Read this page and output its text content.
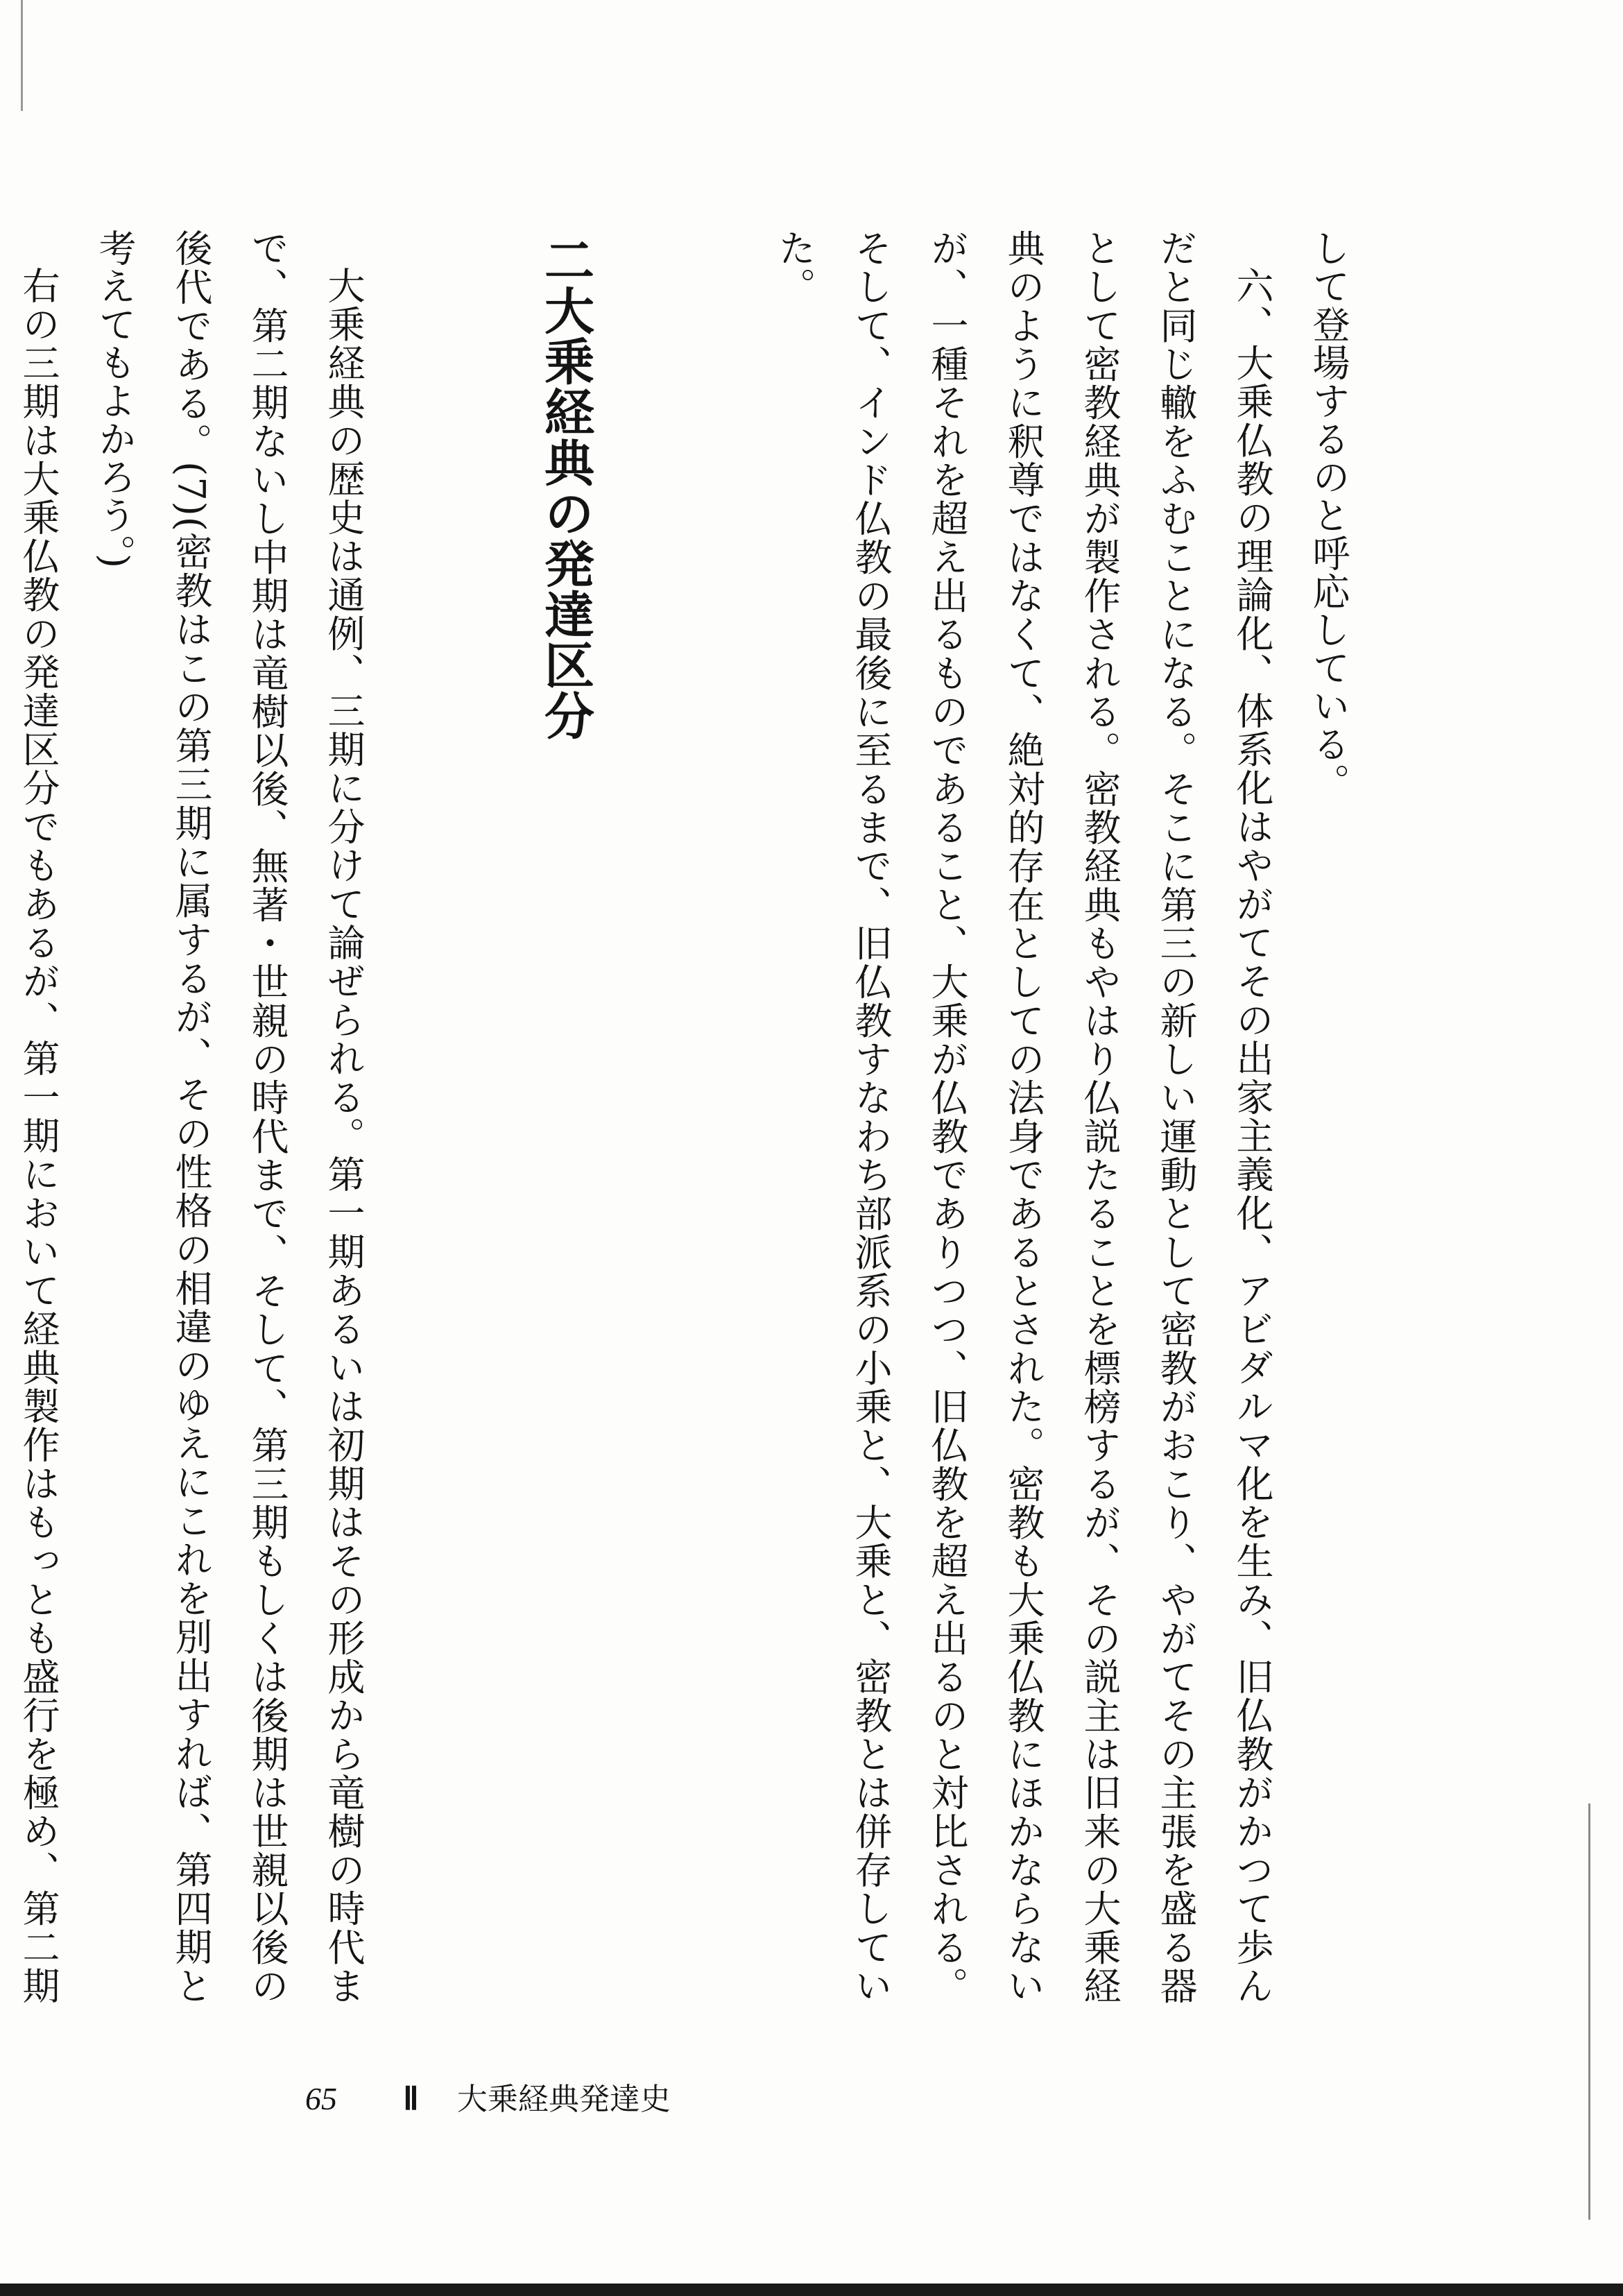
して登場するのと呼応している。

六、大乗仏教の理論化、体系化はやがてその出家主義化、アビダルマ化を生み、旧仏教がかつて歩んだと同じ轍をふむことになる。そこに第三の新しい運動として密教がおこり、やがてその主張を盛る器として密教経典が製作される。密教経典もやはり仏説たることを標榜するが、その説主は旧来の大乗経典のように釈尊ではなくて、絶対的存在としての法身であるとされた。密教も大乗仏教にほかならないが、一種それを超え出るものであること、大乗が仏教でありつつ、旧仏教を超え出るのと対比される。そして、インド仏教の最後に至るまで、旧仏教すなわち部派系の小乗と、大乗と、密教とは併存していた。

二大乗経典の発達区分

大乗経典の歴史は通例、三期に分けて論ぜられる。第一期あるいは初期はその形成から竜樹の時代まで、第二期ないし中期は竜樹以後、無著・世親の時代まで、そして、第三期もしくは後期は世親以後の後代である。(7)(密教はこの第三期に属するが、その性格の相違のゆえにこれを別出すれば、第四期と考えてもよかろう。)

右の三期は大乗仏教の発達区分でもあるが、第一期において経典製作はもっとも盛行を極め、第二期

65 Ⅱ 大乗経典発達史
